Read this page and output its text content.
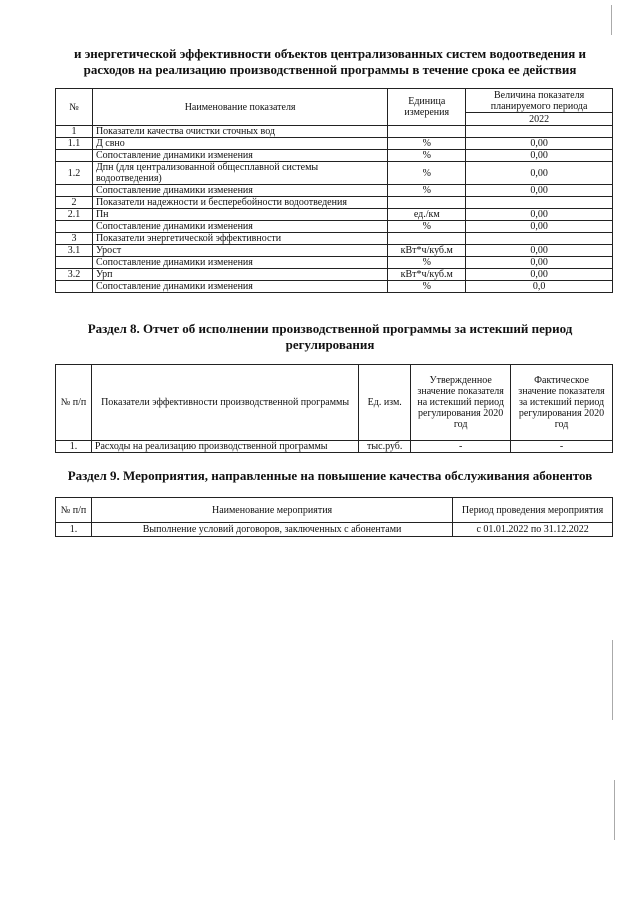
и энергетической эффективности объектов централизованных систем водоотведения и
расходов на реализацию производственной программы в течение срока ее действия
№	Наименование показателя	Единица измерения	Величина показателя планируемого периода
			2022
1	Показатели качества очистки сточных вод		
1.1	Д свно	%	0,00
	Сопоставление динамики изменения	%	0,00
1.2	Дпн (для централизованной общесплавной системы водоотведения)	%	0,00
	Сопоставление динамики изменения	%	0,00
2	Показатели надежности и бесперебойности водоотведения		
2.1	Пн	ед./км	0,00
	Сопоставление динамики изменения	%	0,00
3	Показатели энергетической эффективности		
3.1	Урост	кВт*ч/куб.м	0,00
	Сопоставление динамики изменения	%	0,00
3.2	Урп	кВт*ч/куб.м	0,00
	Сопоставление динамики изменения	%	0,0
Раздел 8. Отчет об исполнении производственной программы за истекший период
регулирования
№ п/п	Показатели эффективности производственной программы	Ед. изм.	Утвержденное значение показателя на истекший период регулирования 2020 год	Фактическое значение показателя за истекший период регулирования 2020 год
1.	Расходы на реализацию производственной программы	тыс.руб.	-	-
Раздел 9. Мероприятия, направленные на повышение качества обслуживания абонентов
№ п/п	Наименование мероприятия	Период проведения мероприятия
1.	Выполнение условий договоров, заключенных с абонентами	с 01.01.2022 по 31.12.2022
